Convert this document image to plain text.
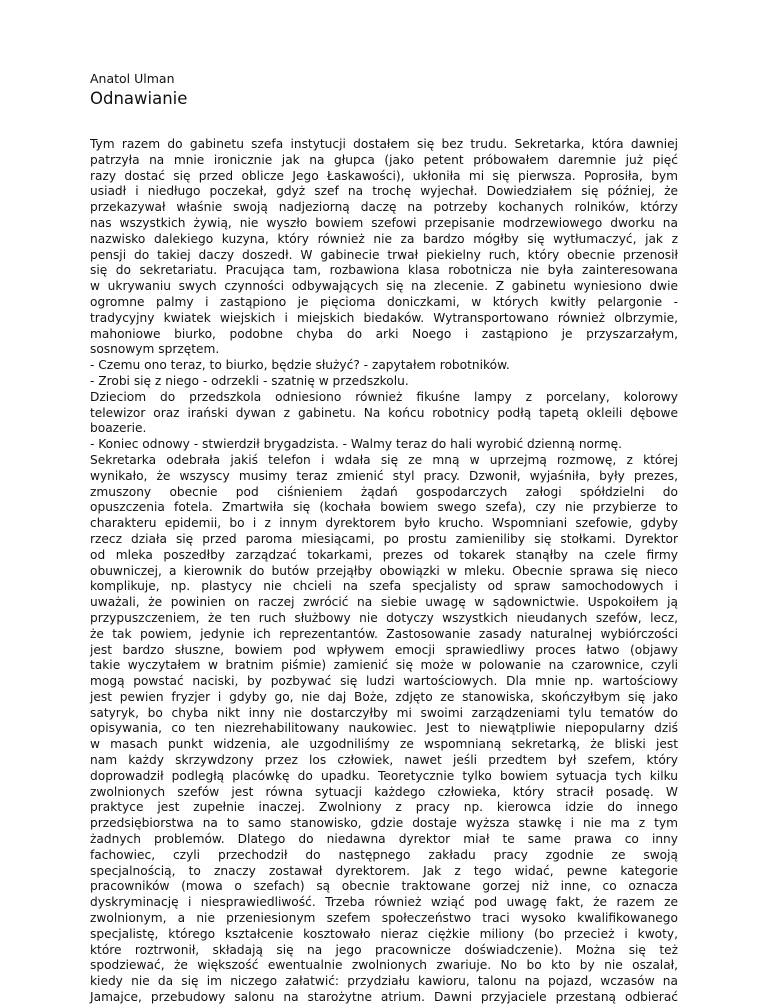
Anatol Ulman
Odnawianie
Tym razem do gabinetu szefa instytucji dostałem się bez trudu. Sekretarka, która dawniej
patrzyła na mnie ironicznie jak na głupca (jako petent próbowałem daremnie już pięć
razy dostać się przed oblicze Jego Łaskawości), ukłoniła mi się pierwsza. Poprosiła, bym
usiadł i niedługo poczekał, gdyż szef na trochę wyjechał. Dowiedziałem się później, że
przekazywał właśnie swoją nadjeziorną daczę na potrzeby kochanych rolników, którzy
nas wszystkich żywią, nie wyszło bowiem szefowi przepisanie modrzewiowego dworku na
nazwisko dalekiego kuzyna, który również nie za bardzo mógłby się wytłumaczyć, jak z
pensji do takiej daczy doszedł. W gabinecie trwał piekielny ruch, który obecnie przenosił
się do sekretariatu. Pracująca tam, rozbawiona klasa robotnicza nie była zainteresowana
w ukrywaniu swych czynności odbywających się na zlecenie. Z gabinetu wyniesiono dwie
ogromne palmy i zastąpiono je pięcioma doniczkami, w których kwitły pelargonie -
tradycyjny kwiatek wiejskich i miejskich biedaków. Wytransportowano również olbrzymie,
mahoniowe biurko, podobne chyba do arki Noego i zastąpiono je przyszarzałym,
sosnowym sprzętem.
- Czemu ono teraz, to biurko, będzie służyć? - zapytałem robotników.
- Zrobi się z niego - odrzekli - szatnię w przedszkolu.
Dzieciom do przedszkola odniesiono również fikuśne lampy z porcelany, kolorowy
telewizor oraz irański dywan z gabinetu. Na końcu robotnicy podłą tapetą okleili dębowe
boazerie.
- Koniec odnowy - stwierdził brygadzista. - Walmy teraz do hali wyrobić dzienną normę.
Sekretarka odebrała jakiś telefon i wdała się ze mną w uprzejmą rozmowę, z której
wynikało, że wszyscy musimy teraz zmienić styl pracy. Dzwonił, wyjaśniła, były prezes,
zmuszony obecnie pod ciśnieniem żądań gospodarczych załogi spółdzielni do
opuszczenia fotela. Zmartwiła się (kochała bowiem swego szefa), czy nie przybierze to
charakteru epidemii, bo i z innym dyrektorem było krucho. Wspomniani szefowie, gdyby
rzecz działa się przed paroma miesiącami, po prostu zamieniliby się stołkami. Dyrektor
od mleka poszedłby zarządzać tokarkami, prezes od tokarek stanąłby na czele firmy
obuwniczej, a kierownik do butów przejąłby obowiązki w mleku. Obecnie sprawa się nieco
komplikuje, np. plastycy nie chcieli na szefa specjalisty od spraw samochodowych i
uważali, że powinien on raczej zwrócić na siebie uwagę w sądownictwie. Uspokoiłem ją
przypuszczeniem, że ten ruch służbowy nie dotyczy wszystkich nieudanych szefów, lecz,
że tak powiem, jedynie ich reprezentantów. Zastosowanie zasady naturalnej wybiórczości
jest bardzo słuszne, bowiem pod wpływem emocji sprawiedliwy proces łatwo (objawy
takie wyczytałem w bratnim piśmie) zamienić się może w polowanie na czarownice, czyli
mogą powstać naciski, by pozbywać się ludzi wartościowych. Dla mnie np. wartościowy
jest pewien fryzjer i gdyby go, nie daj Boże, zdjęto ze stanowiska, skończyłbym się jako
satyryk, bo chyba nikt inny nie dostarczyłby mi swoimi zarządzeniami tylu tematów do
opisywania, co ten niezrehabilitowany naukowiec. Jest to niewątpliwie niepopularny dziś
w masach punkt widzenia, ale uzgodniliśmy ze wspomnianą sekretarką, że bliski jest
nam każdy skrzywdzony przez los człowiek, nawet jeśli przedtem był szefem, który
doprowadził podległą placówkę do upadku. Teoretycznie tylko bowiem sytuacja tych kilku
zwolnionych szefów jest równa sytuacji każdego człowieka, który stracił posadę. W
praktyce jest zupełnie inaczej. Zwolniony z pracy np. kierowca idzie do innego
przedsiębiorstwa na to samo stanowisko, gdzie dostaje wyższa stawkę i nie ma z tym
żadnych problemów. Dlatego do niedawna dyrektor miał te same prawa co inny
fachowiec, czyli przechodził do następnego zakładu pracy zgodnie ze swoją
specjalnością, to znaczy zostawał dyrektorem. Jak z tego widać, pewne kategorie
pracowników (mowa o szefach) są obecnie traktowane gorzej niż inne, co oznacza
dyskryminację i niesprawiedliwość. Trzeba również wziąć pod uwagę fakt, że razem ze
zwolnionym, a nie przeniesionym szefem społeczeństwo traci wysoko kwalifikowanego
specjalistę, którego kształcenie kosztowało nieraz ciężkie miliony (bo przecież i kwoty,
które roztrwonił, składają się na jego pracownicze doświadczenie). Można się też
spodziewać, że większość ewentualnie zwolnionych zwariuje. No bo kto by nie oszalał,
kiedy nie da się im niczego załatwić: przydziału kawioru, talonu na pojazd, wczasów na
Jamajce, przebudowy salonu na starożytne atrium. Dawni przyjaciele przestaną odbierać
